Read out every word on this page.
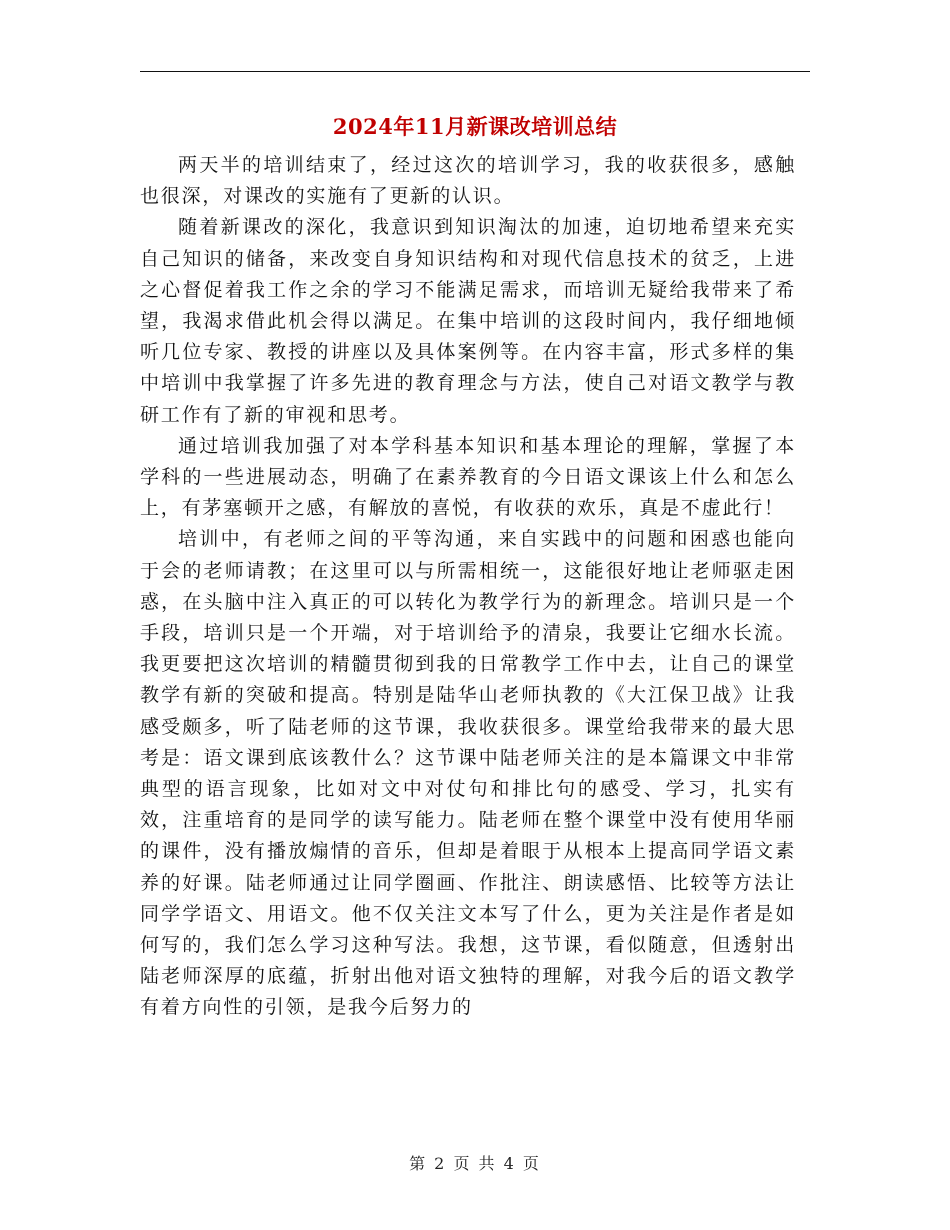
2024年11月新课改培训总结

两天半的培训结束了，经过这次的培训学习，我的收获很多，感触也很深，对课改的实施有了更新的认识。

随着新课改的深化，我意识到知识淘汰的加速，迫切地希望来充实自己知识的储备，来改变自身知识结构和对现代信息技术的贫乏，上进之心督促着我工作之余的学习不能满足需求，而培训无疑给我带来了希望，我渴求借此机会得以满足。在集中培训的这段时间内，我仔细地倾听几位专家、教授的讲座以及具体案例等。在内容丰富，形式多样的集中培训中我掌握了许多先进的教育理念与方法，使自己对语文教学与教研工作有了新的审视和思考。

通过培训我加强了对本学科基本知识和基本理论的理解，掌握了本学科的一些进展动态，明确了在素养教育的今日语文课该上什么和怎么上，有茅塞顿开之感，有解放的喜悦，有收获的欢乐，真是不虚此行！

培训中，有老师之间的平等沟通，来自实践中的问题和困惑也能向于会的老师请教；在这里可以与所需相统一，这能很好地让老师驱走困惑，在头脑中注入真正的可以转化为教学行为的新理念。培训只是一个手段，培训只是一个开端，对于培训给予的清泉，我要让它细水长流。我更要把这次培训的精髓贯彻到我的日常教学工作中去，让自己的课堂教学有新的突破和提高。特别是陆华山老师执教的《大江保卫战》让我感受颇多，听了陆老师的这节课，我收获很多。课堂给我带来的最大思考是：语文课到底该教什么？这节课中陆老师关注的是本篇课文中非常典型的语言现象，比如对文中对仗句和排比句的感受、学习，扎实有效，注重培育的是同学的读写能力。陆老师在整个课堂中没有使用华丽的课件，没有播放煽情的音乐，但却是着眼于从根本上提高同学语文素养的好课。陆老师通过让同学圈画、作批注、朗读感悟、比较等方法让同学学语文、用语文。他不仅关注文本写了什么，更为关注是作者是如何写的，我们怎么学习这种写法。我想，这节课，看似随意，但透射出陆老师深厚的底蕴，折射出他对语文独特的理解，对我今后的语文教学有着方向性的引领，是我今后努力的

第 2 页 共 4 页
